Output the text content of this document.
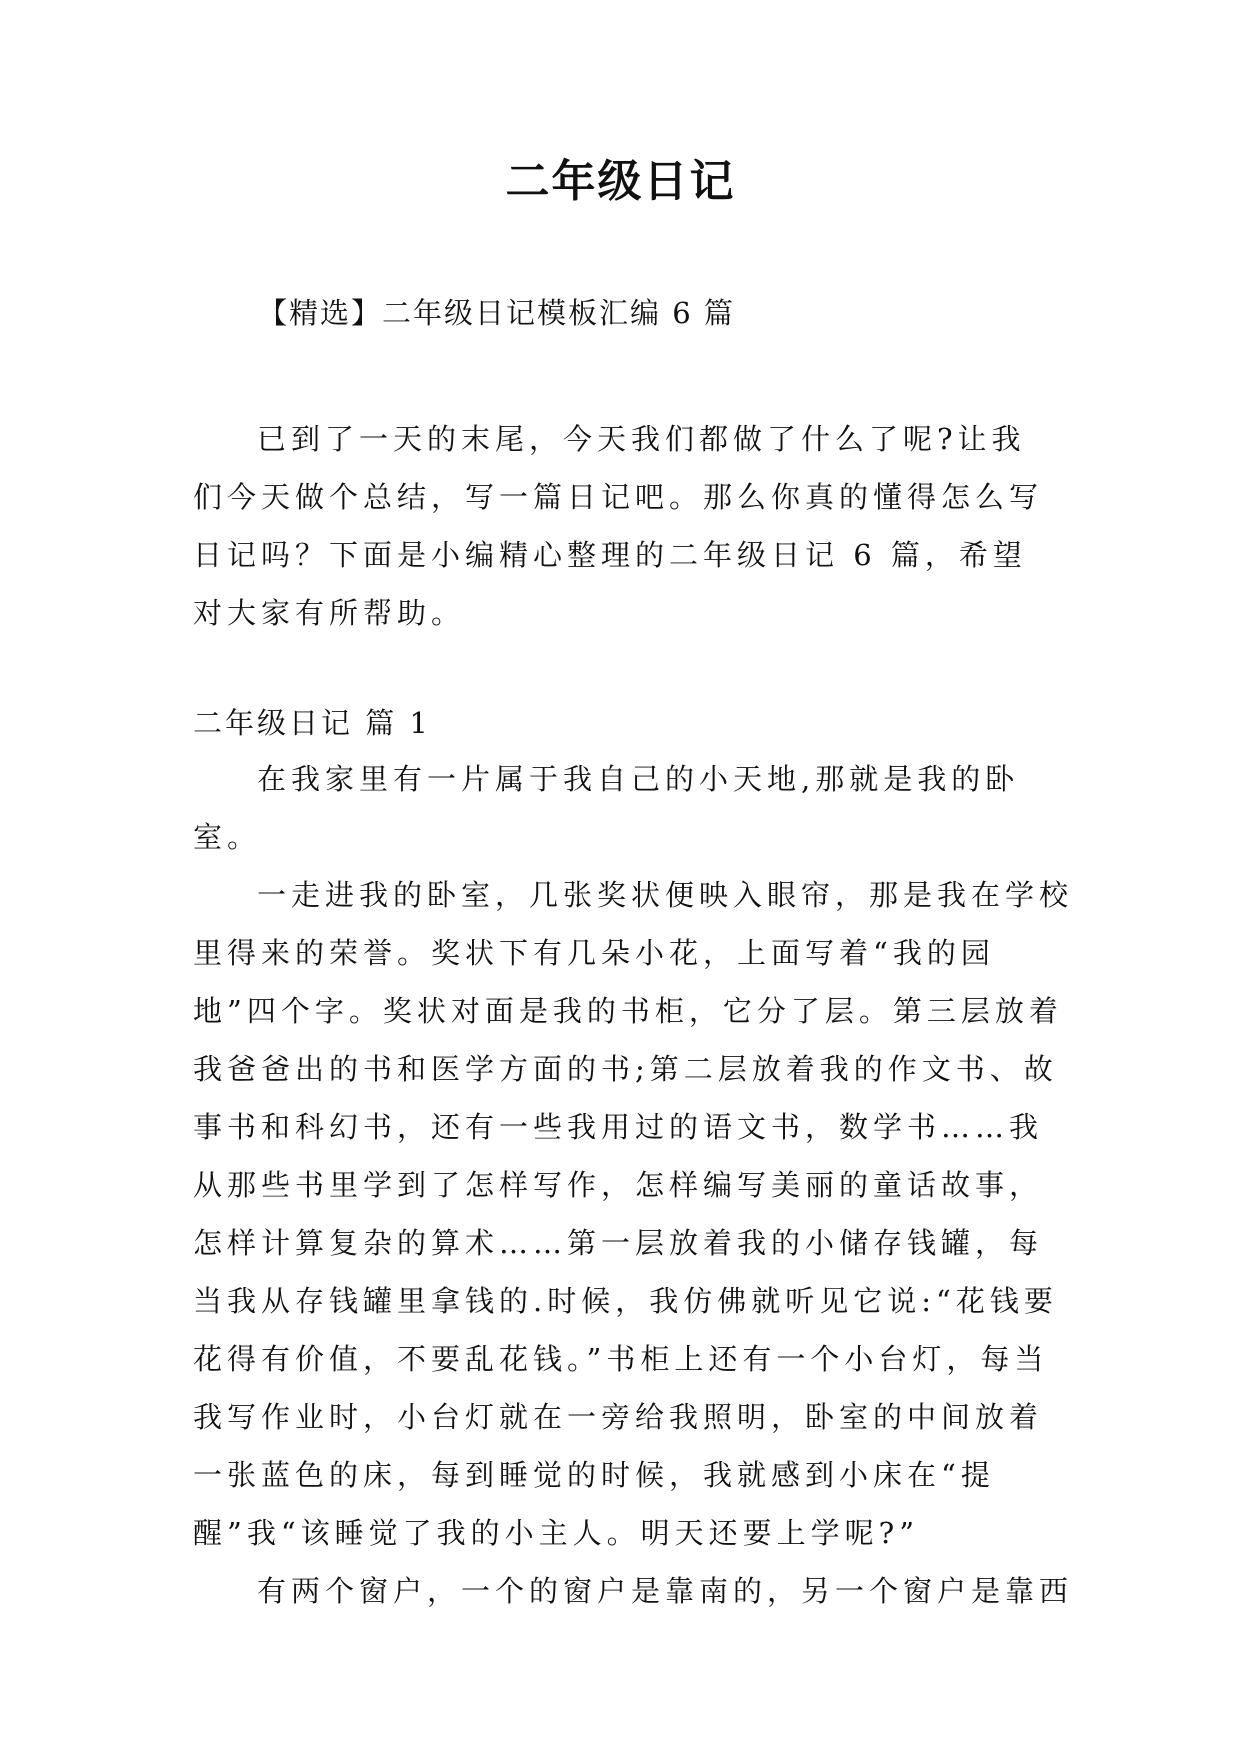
二年级日记

【精选】二年级日记模板汇编 6 篇

已到了一天的末尾，今天我们都做了什么了呢?让我们今天做个总结，写一篇日记吧。那么你真的懂得怎么写日记吗？下面是小编精心整理的二年级日记 6 篇，希望对大家有所帮助。

二年级日记 篇 1

在我家里有一片属于我自己的小天地,那就是我的卧室。

一走进我的卧室，几张奖状便映入眼帘，那是我在学校里得来的荣誉。奖状下有几朵小花，上面写着“我的园地”四个字。奖状对面是我的书柜，它分了层。第三层放着我爸爸出的书和医学方面的书;第二层放着我的作文书、故事书和科幻书，还有一些我用过的语文书，数学书……我从那些书里学到了怎样写作，怎样编写美丽的童话故事，怎样计算复杂的算术……第一层放着我的小储存钱罐，每当我从存钱罐里拿钱的.时候，我仿佛就听见它说:“花钱要花得有价值，不要乱花钱。”书柜上还有一个小台灯，每当我写作业时，小台灯就在一旁给我照明，卧室的中间放着一张蓝色的床，每到睡觉的时候，我就感到小床在“提醒”我“该睡觉了我的小主人。明天还要上学呢?”

有两个窗户，一个的窗户是靠南的，另一个窗户是靠西
